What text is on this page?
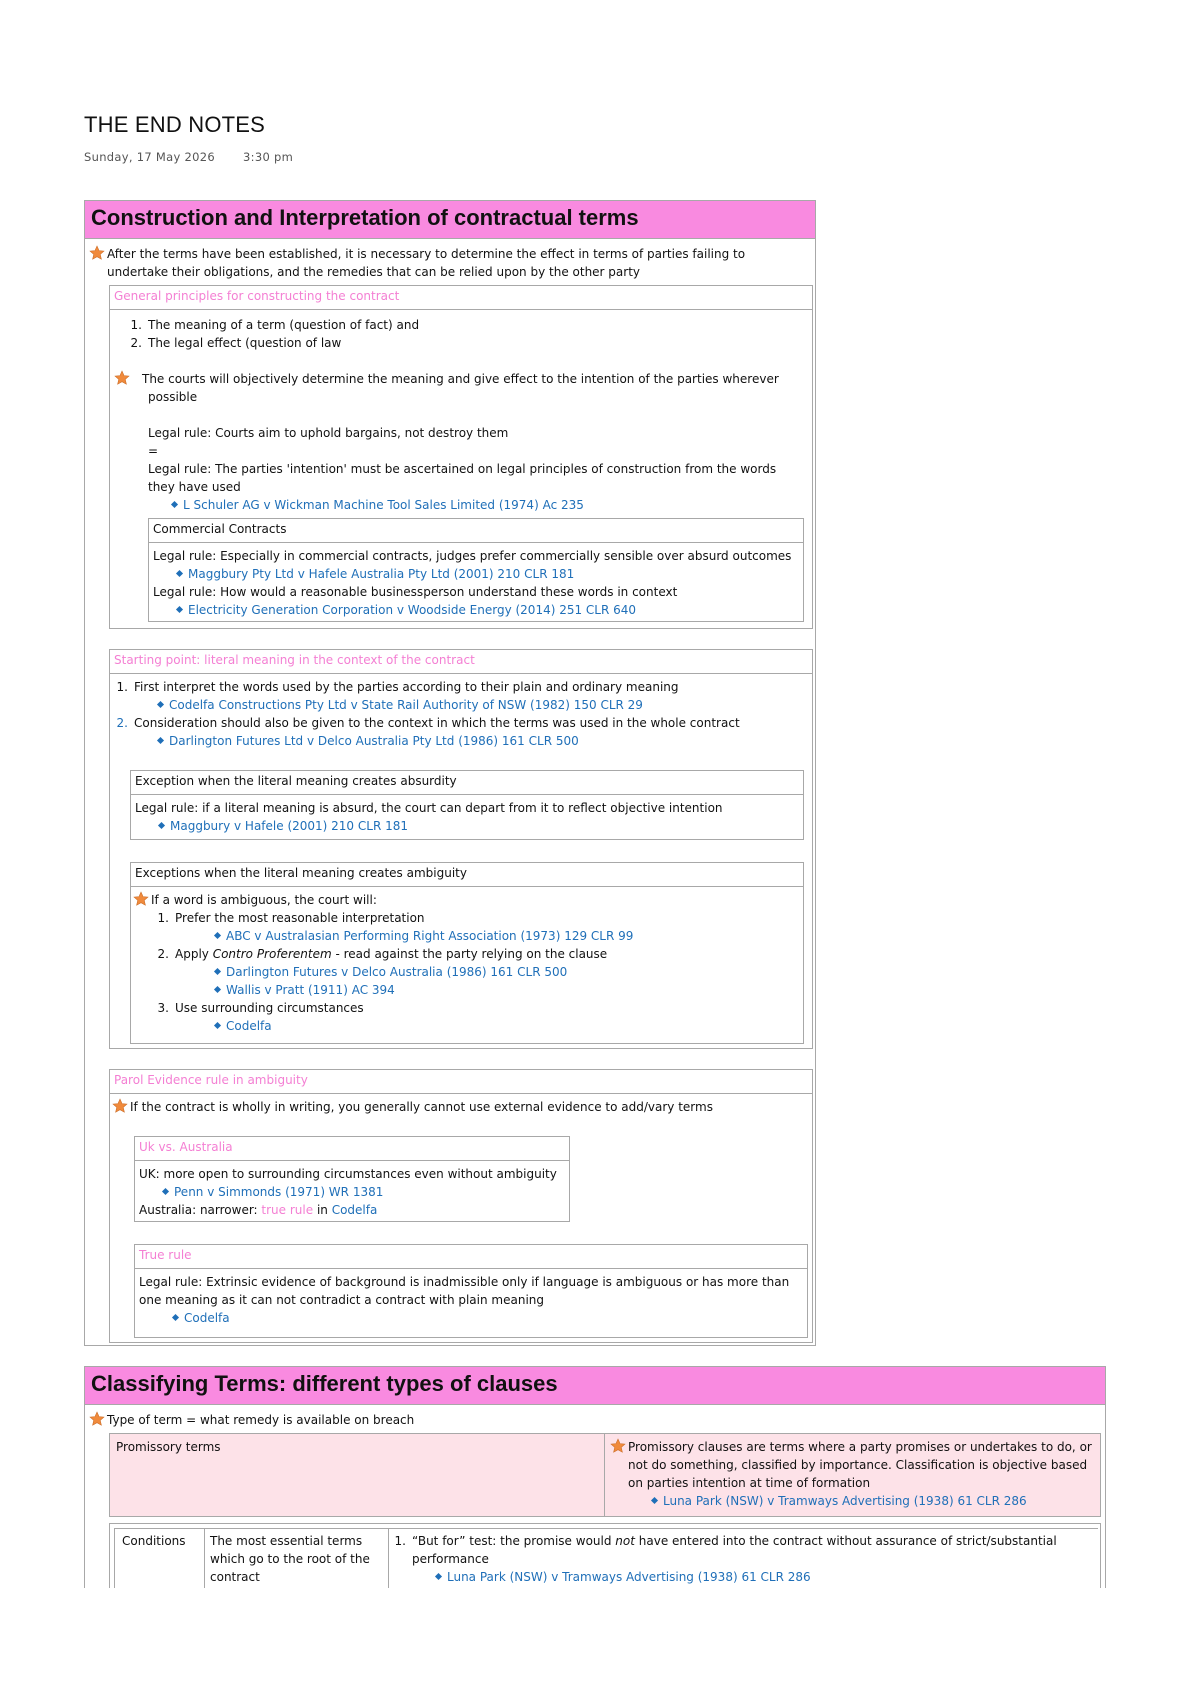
THE END NOTES
Sunday, 17 May 2026 3:30 pm
Construction and Interpretation of contractual terms
After the terms have been established, it is necessary to determine the effect in terms of parties failing to
undertake their obligations, and the remedies that can be relied upon by the other party
General principles for constructing the contract
1. The meaning of a term (question of fact) and
2. The legal effect (question of law
The courts will objectively determine the meaning and give effect to the intention of the parties wherever
possible
Legal rule: Courts aim to uphold bargains, not destroy them
=
Legal rule: The parties 'intention' must be ascertained on legal principles of construction from the words
they have used
L Schuler AG v Wickman Machine Tool Sales Limited (1974) Ac 235
Commercial Contracts
Legal rule: Especially in commercial contracts, judges prefer commercially sensible over absurd outcomes
Maggbury Pty Ltd v Hafele Australia Pty Ltd (2001) 210 CLR 181
Legal rule: How would a reasonable businessperson understand these words in context
Electricity Generation Corporation v Woodside Energy (2014) 251 CLR 640
Starting point: literal meaning in the context of the contract
1. First interpret the words used by the parties according to their plain and ordinary meaning
Codelfa Constructions Pty Ltd v State Rail Authority of NSW (1982) 150 CLR 29
2. Consideration should also be given to the context in which the terms was used in the whole contract
Darlington Futures Ltd v Delco Australia Pty Ltd (1986) 161 CLR 500
Exception when the literal meaning creates absurdity
Legal rule: if a literal meaning is absurd, the court can depart from it to reflect objective intention
Maggbury v Hafele (2001) 210 CLR 181
Exceptions when the literal meaning creates ambiguity
If a word is ambiguous, the court will:
1. Prefer the most reasonable interpretation
ABC v Australasian Performing Right Association (1973) 129 CLR 99
2. Apply Contro Proferentem - read against the party relying on the clause
Darlington Futures v Delco Australia (1986) 161 CLR 500
Wallis v Pratt (1911) AC 394
3. Use surrounding circumstances
Codelfa
Parol Evidence rule in ambiguity
If the contract is wholly in writing, you generally cannot use external evidence to add/vary terms
Uk vs. Australia
UK: more open to surrounding circumstances even without ambiguity
Penn v Simmonds (1971) WR 1381
Australia: narrower: true rule in Codelfa
True rule
Legal rule: Extrinsic evidence of background is inadmissible only if language is ambiguous or has more than
one meaning as it can not contradict a contract with plain meaning
Codelfa
Classifying Terms: different types of clauses
Type of term = what remedy is available on breach
Promissory terms	Promissory clauses are terms where a party promises or undertakes to do, or
not do something, classified by importance. Classification is objective based
on parties intention at time of formation
Luna Park (NSW) v Tramways Advertising (1938) 61 CLR 286
Conditions The most essential terms
which go to the root of the
contract
1. “But for” test: the promise would not have entered into the contract without assurance of strict/substantial
performance
Luna Park (NSW) v Tramways Advertising (1938) 61 CLR 286
